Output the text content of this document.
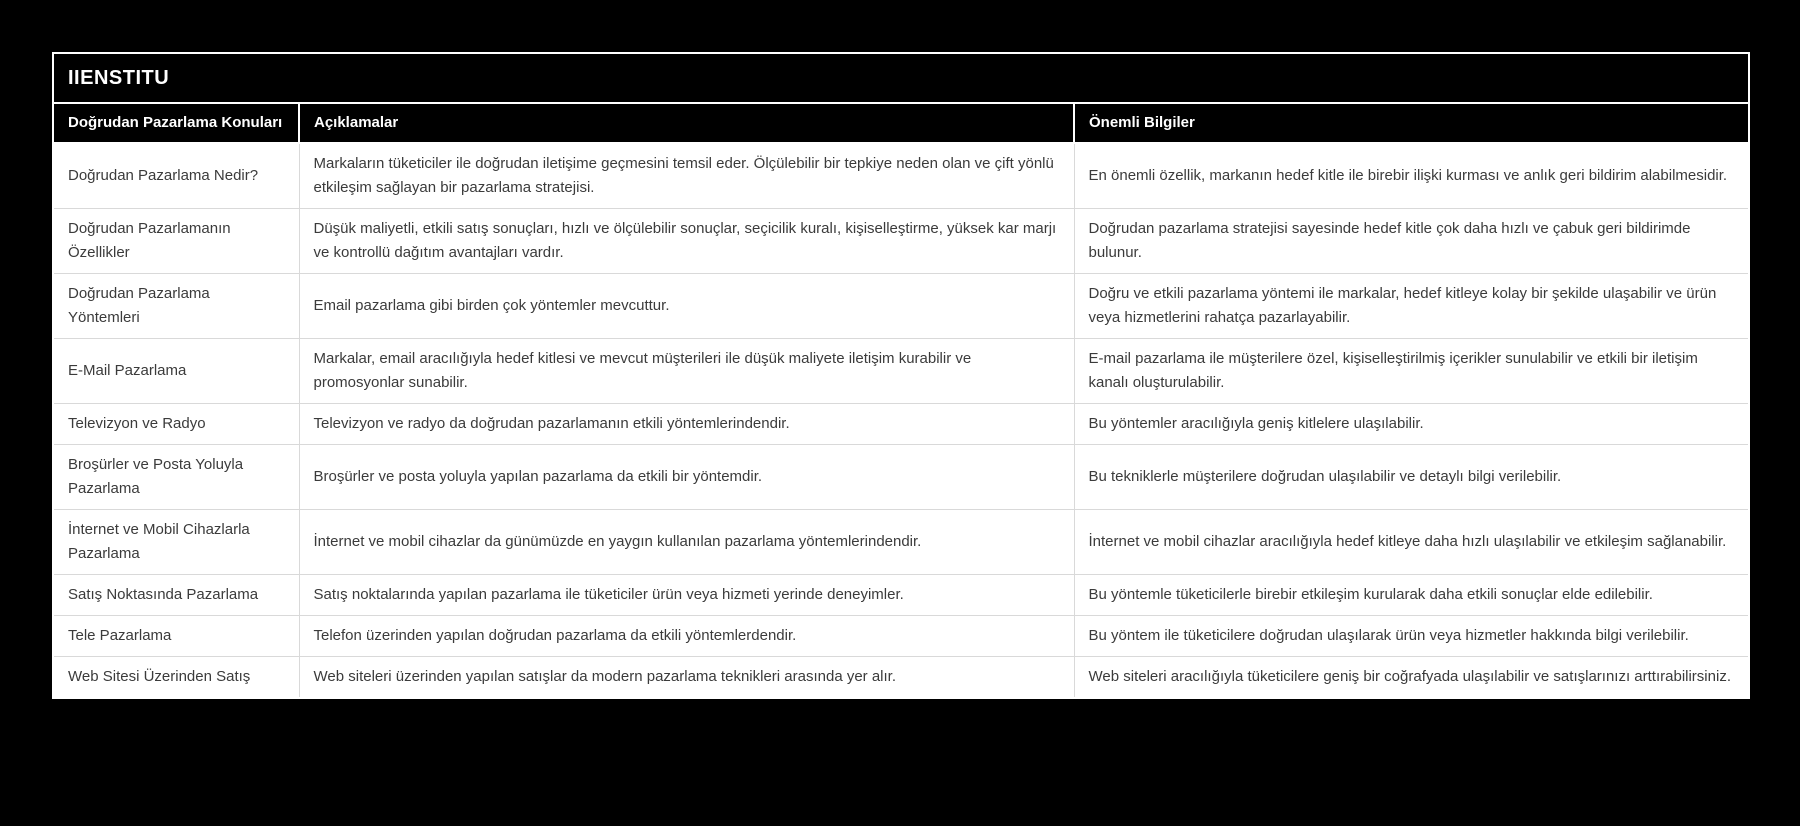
IIENSTITU
Doğrudan Pazarlama Konuları	Açıklamalar	Önemli Bilgiler
Doğrudan Pazarlama Nedir?	Markaların tüketiciler ile doğrudan iletişime geçmesini temsil eder. Ölçülebilir bir tepkiye neden olan ve çift yönlü etkileşim sağlayan bir pazarlama stratejisi.	En önemli özellik, markanın hedef kitle ile birebir ilişki kurması ve anlık geri bildirim alabilmesidir.
Doğrudan Pazarlamanın Özellikler	Düşük maliyetli, etkili satış sonuçları, hızlı ve ölçülebilir sonuçlar, seçicilik kuralı, kişiselleştirme, yüksek kar marjı ve kontrollü dağıtım avantajları vardır.	Doğrudan pazarlama stratejisi sayesinde hedef kitle çok daha hızlı ve çabuk geri bildirimde bulunur.
Doğrudan Pazarlama Yöntemleri	Email pazarlama gibi birden çok yöntemler mevcuttur.	Doğru ve etkili pazarlama yöntemi ile markalar, hedef kitleye kolay bir şekilde ulaşabilir ve ürün veya hizmetlerini rahatça pazarlayabilir.
E-Mail Pazarlama	Markalar, email aracılığıyla hedef kitlesi ve mevcut müşterileri ile düşük maliyete iletişim kurabilir ve promosyonlar sunabilir.	E-mail pazarlama ile müşterilere özel, kişiselleştirilmiş içerikler sunulabilir ve etkili bir iletişim kanalı oluşturulabilir.
Televizyon ve Radyo	Televizyon ve radyo da doğrudan pazarlamanın etkili yöntemlerindendir.	Bu yöntemler aracılığıyla geniş kitlelere ulaşılabilir.
Broşürler ve Posta Yoluyla Pazarlama	Broşürler ve posta yoluyla yapılan pazarlama da etkili bir yöntemdir.	Bu tekniklerle müşterilere doğrudan ulaşılabilir ve detaylı bilgi verilebilir.
İnternet ve Mobil Cihazlarla Pazarlama	İnternet ve mobil cihazlar da günümüzde en yaygın kullanılan pazarlama yöntemlerindendir.	İnternet ve mobil cihazlar aracılığıyla hedef kitleye daha hızlı ulaşılabilir ve etkileşim sağlanabilir.
Satış Noktasında Pazarlama	Satış noktalarında yapılan pazarlama ile tüketiciler ürün veya hizmeti yerinde deneyimler.	Bu yöntemle tüketicilerle birebir etkileşim kurularak daha etkili sonuçlar elde edilebilir.
Tele Pazarlama	Telefon üzerinden yapılan doğrudan pazarlama da etkili yöntemlerdendir.	Bu yöntem ile tüketicilere doğrudan ulaşılarak ürün veya hizmetler hakkında bilgi verilebilir.
Web Sitesi Üzerinden Satış	Web siteleri üzerinden yapılan satışlar da modern pazarlama teknikleri arasında yer alır.	Web siteleri aracılığıyla tüketicilere geniş bir coğrafyada ulaşılabilir ve satışlarınızı arttırabilirsiniz.
